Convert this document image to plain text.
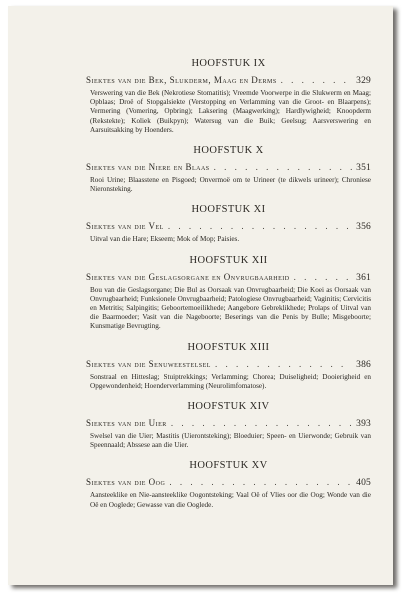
HOOFSTUK IX
Siektes van die Bek, Slukderm, Maag en Derms . . .	329
Verswering van die Bek (Nekrotiese Stomatitis); Vreemde Voorwerpe in die Slukwerm en Maag; Opblaas; Droë of Stopgalsiekte (Verstopping en Verlamming van die Groot- en Blaarpens); Vermering (Vomering, Opbring); Laksering (Maagwerking); Hardlywigheid; Knoopderm (Rekstekte); Koliek (Buikpyn); Watersug van die Buik; Geelsug; Aarsverswering en Aarsuitsakking by Hoenders.
HOOFSTUK X
Siektes van die Niere en Blaas . . .	351
Rooi Urine; Blaasstene en Pisgoed; Onvermoë om te Urineer (te dikwels urineer); Chroniese Nieronsteking.
HOOFSTUK XI
Siektes van die Vel . . .	356
Uitval van die Hare; Ekseem; Mok of Mop; Paisies.
HOOFSTUK XII
Siektes van die Geslagsorgane en Onvrugbaarheid . . .	361
Bou van die Geslagsorgane; Die Bul as Oorsaak van Onvrugbaarheid; Die Koei as Oorsaak van Onvrugbaarheid; Funksionele Onvrugbaarheid; Patologiese Onvrugbaarheid; Vaginitis; Cervicitis en Metritis; Salpingitis; Geboortemoeilikhede; Aangebore Gebreklikhede; Prolaps of Uitval van die Baarmoeder; Vasit van die Nageboorte; Beserings van die Penis by Bulle; Misgeboorte; Kunsmatige Bevrugting.
HOOFSTUK XIII
Siektes van die Senuweestelsel . . .	386
Sonstraal en Hitteslag; Stuiptrekkings; Verlamming; Chorea; Duiseligheid; Dooierigheid en Opgewondenheid; Hoenderverlamming (Neurolimfomatose).
HOOFSTUK XIV
Siektes van die Uier . . .	393
Swelsel van die Uier; Mastitis (Uierontsteking); Bloeduier; Speen- en Uierwonde; Gebruik van Speennaald; Abssese aan die Uier.
HOOFSTUK XV
Siektes van die Oog . . .	405
Aansteeklike en Nie-aansteeklike Oogontsteking; Vaal Oë of Vlies oor die Oog; Wonde van die Oë en Ooglede; Gewasse van die Ooglede.
